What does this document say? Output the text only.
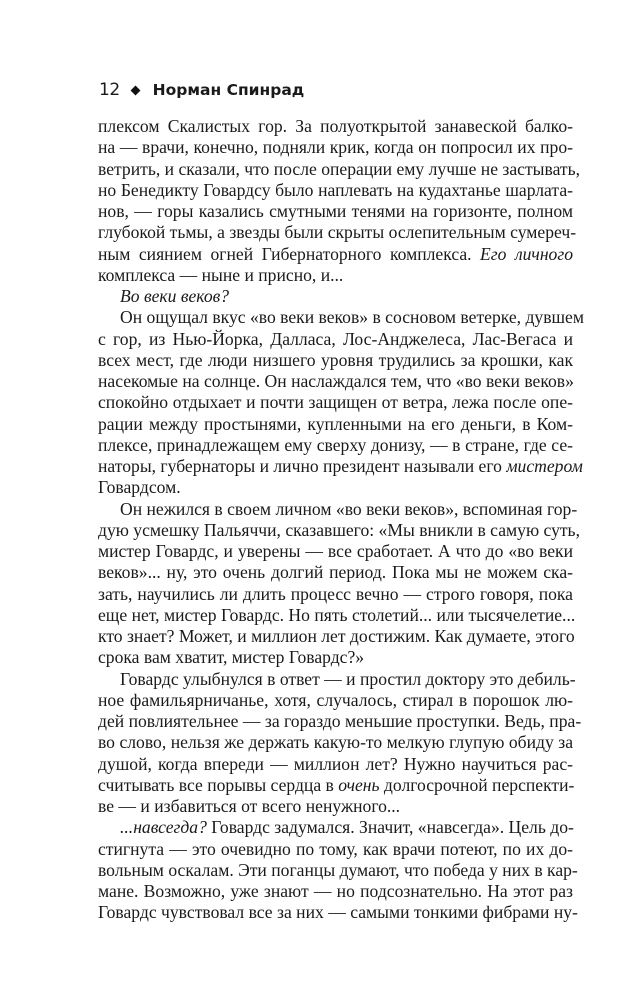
12 Норман Спинрад
плексом Скалистых гор. За полуоткрытой занавеской балко-
на — врачи, конечно, подняли крик, когда он попросил их про-
ветрить, и сказали, что после операции ему лучше не застывать,
но Бенедикту Говардсу было наплевать на кудахтанье шарлата-
нов, — горы казались смутными тенями на горизонте, полном
глубокой тьмы, а звезды были скрыты ослепительным сумереч-
ным сиянием огней Гибернаторного комплекса. Его личного
комплекса — ныне и присно, и...
Во веки веков?
Он ощущал вкус «во веки веков» в сосновом ветерке, дувшем
с гор, из Нью-Йорка, Далласа, Лос-Анджелеса, Лас-Вегаса и
всех мест, где люди низшего уровня трудились за крошки, как
насекомые на солнце. Он наслаждался тем, что «во веки веков»
спокойно отдыхает и почти защищен от ветра, лежа после опе-
рации между простынями, купленными на его деньги, в Ком-
плексе, принадлежащем ему сверху донизу, — в стране, где се-
наторы, губернаторы и лично президент называли его мистером
Говардсом.
Он нежился в своем личном «во веки веков», вспоминая гор-
дую усмешку Пальяччи, сказавшего: «Мы вникли в самую суть,
мистер Говардс, и уверены — все сработает. А что до «во веки
веков»... ну, это очень долгий период. Пока мы не можем ска-
зать, научились ли длить процесс вечно — строго говоря, пока
еще нет, мистер Говардс. Но пять столетий... или тысячелетие...
кто знает? Может, и миллион лет достижим. Как думаете, этого
срока вам хватит, мистер Говардс?»
Говардс улыбнулся в ответ — и простил доктору это дебиль-
ное фамильярничанье, хотя, случалось, стирал в порошок лю-
дей повлиятельнее — за гораздо меньшие проступки. Ведь, пра-
во слово, нельзя же держать какую-то мелкую глупую обиду за
душой, когда впереди — миллион лет? Нужно научиться рас-
считывать все порывы сердца в очень долгосрочной перспекти-
ве — и избавиться от всего ненужного...
...навсегда? Говардс задумался. Значит, «навсегда». Цель до-
стигнута — это очевидно по тому, как врачи потеют, по их до-
вольным оскалам. Эти поганцы думают, что победа у них в кар-
мане. Возможно, уже знают — но подсознательно. На этот раз
Говардс чувствовал все за них — самыми тонкими фибрами ну-
